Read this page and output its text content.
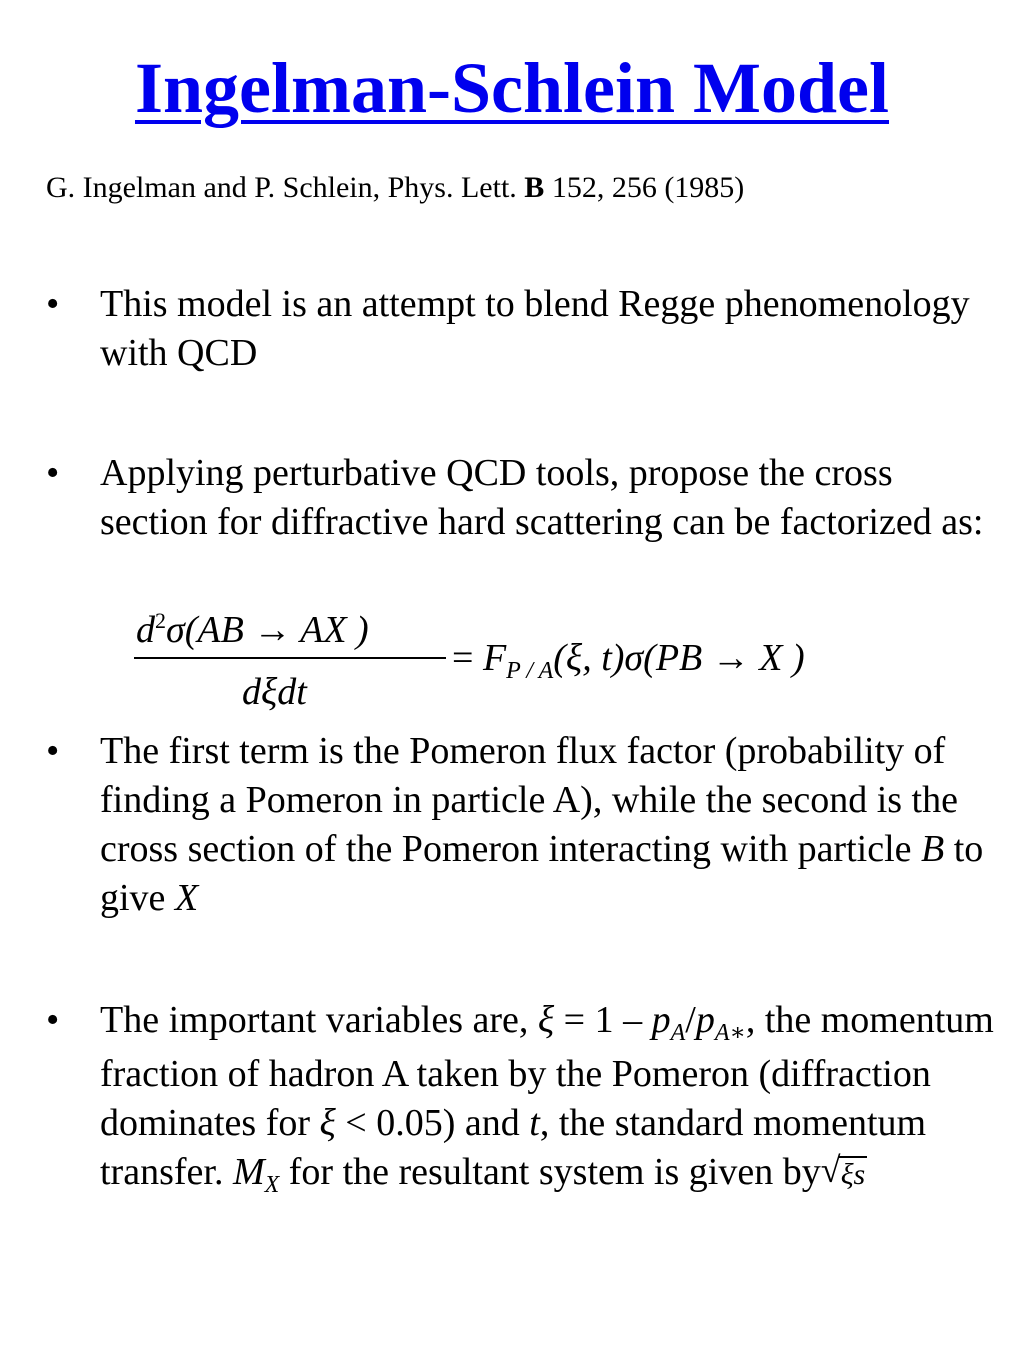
Ingelman-Schlein Model
G. Ingelman and P. Schlein, Phys. Lett. B 152, 256 (1985)
•	This model is an attempt to blend Regge phenomenology with QCD
•	Applying perturbative QCD tools, propose the cross section for diffractive hard scattering can be factorized as:
$d^2\sigma(AB$ → AX )
dξdt
= $F_{P / A}(\xi$, t)σ(PB → X )
•	The first term is the Pomeron flux factor (probability of finding a Pomeron in particle A), while the second is the cross section of the Pomeron interacting with particle B to give X
•	The important variables are, $\xi = 1 - p_A/p_{A∗}$, the momentum fraction of hadron A taken by the Pomeron (diffraction dominates for ξ < 0.05) and t, the standard momentum transfer. $M_X$ for the resultant system is given by √ ξs
